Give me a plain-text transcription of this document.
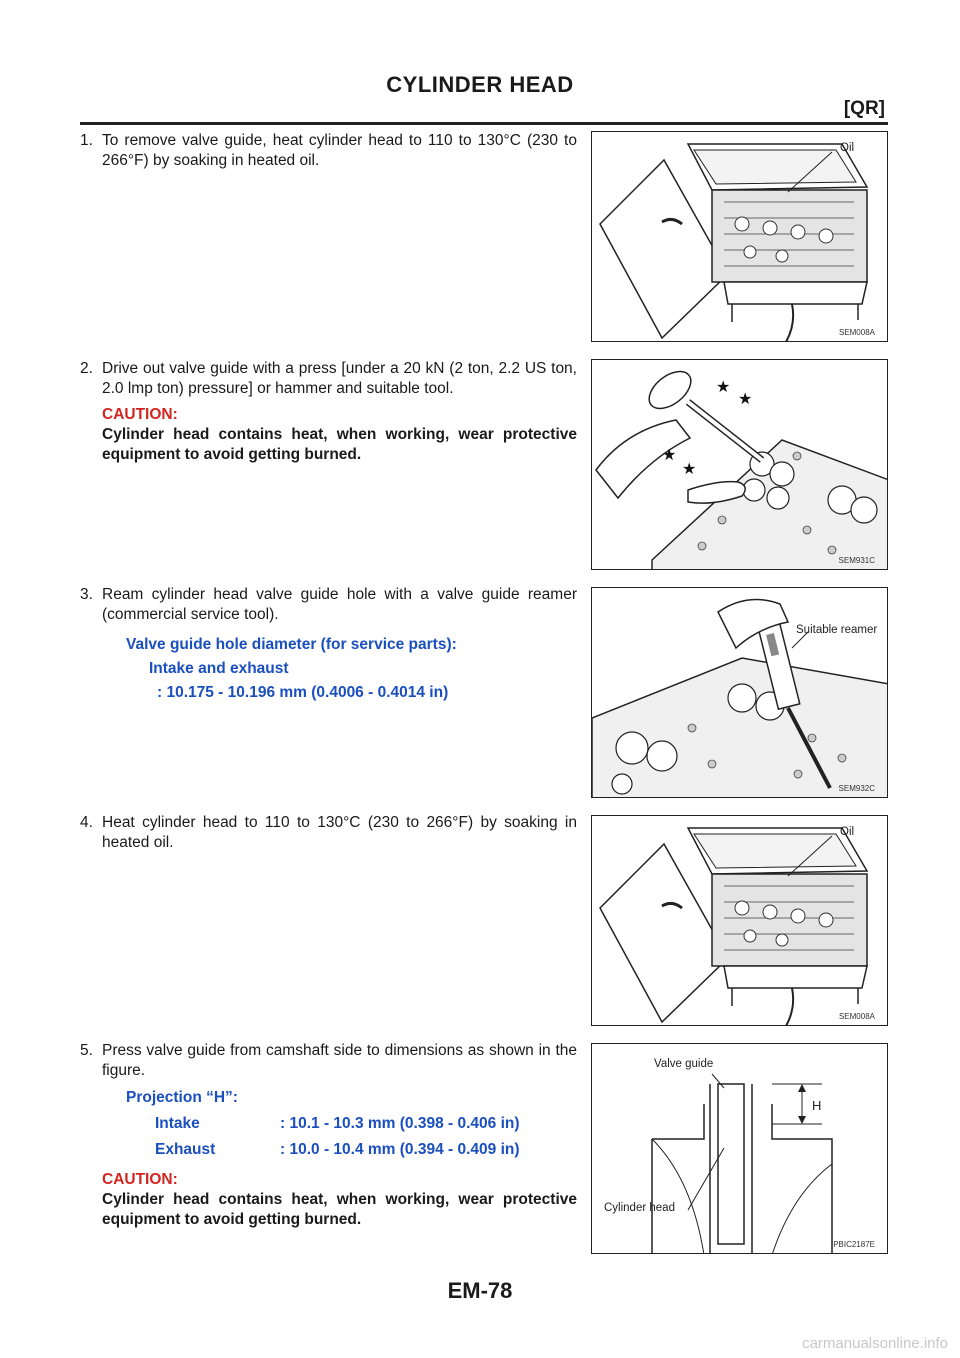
CYLINDER HEAD
[QR]
1. To remove valve guide, heat cylinder head to 110 to 130°C (230 to 266°F) by soaking in heated oil.
2. Drive out valve guide with a press [under a 20 kN (2 ton, 2.2 US ton, 2.0 lmp ton) pressure] or hammer and suitable tool.
CAUTION:
Cylinder head contains heat, when working, wear protective equipment to avoid getting burned.
3. Ream cylinder head valve guide hole with a valve guide reamer (commercial service tool).
Valve guide hole diameter (for service parts):
Intake and exhaust
: 10.175 - 10.196 mm (0.4006 - 0.4014 in)
4. Heat cylinder head to 110 to 130°C (230 to 266°F) by soaking in heated oil.
5. Press valve guide from camshaft side to dimensions as shown in the figure.
Projection “H”:
Intake	: 10.1 - 10.3 mm (0.398 - 0.406 in)
Exhaust	: 10.0 - 10.4 mm (0.394 - 0.409 in)
CAUTION:
Cylinder head contains heat, when working, wear protective equipment to avoid getting burned.
Oil
SEM008A
★
★
★
★
SEM931C
Suitable reamer
SEM932C
Oil
SEM008A
Valve guide
H
Cylinder head
PBIC2187E
EM-78
carmanualsonline.info
